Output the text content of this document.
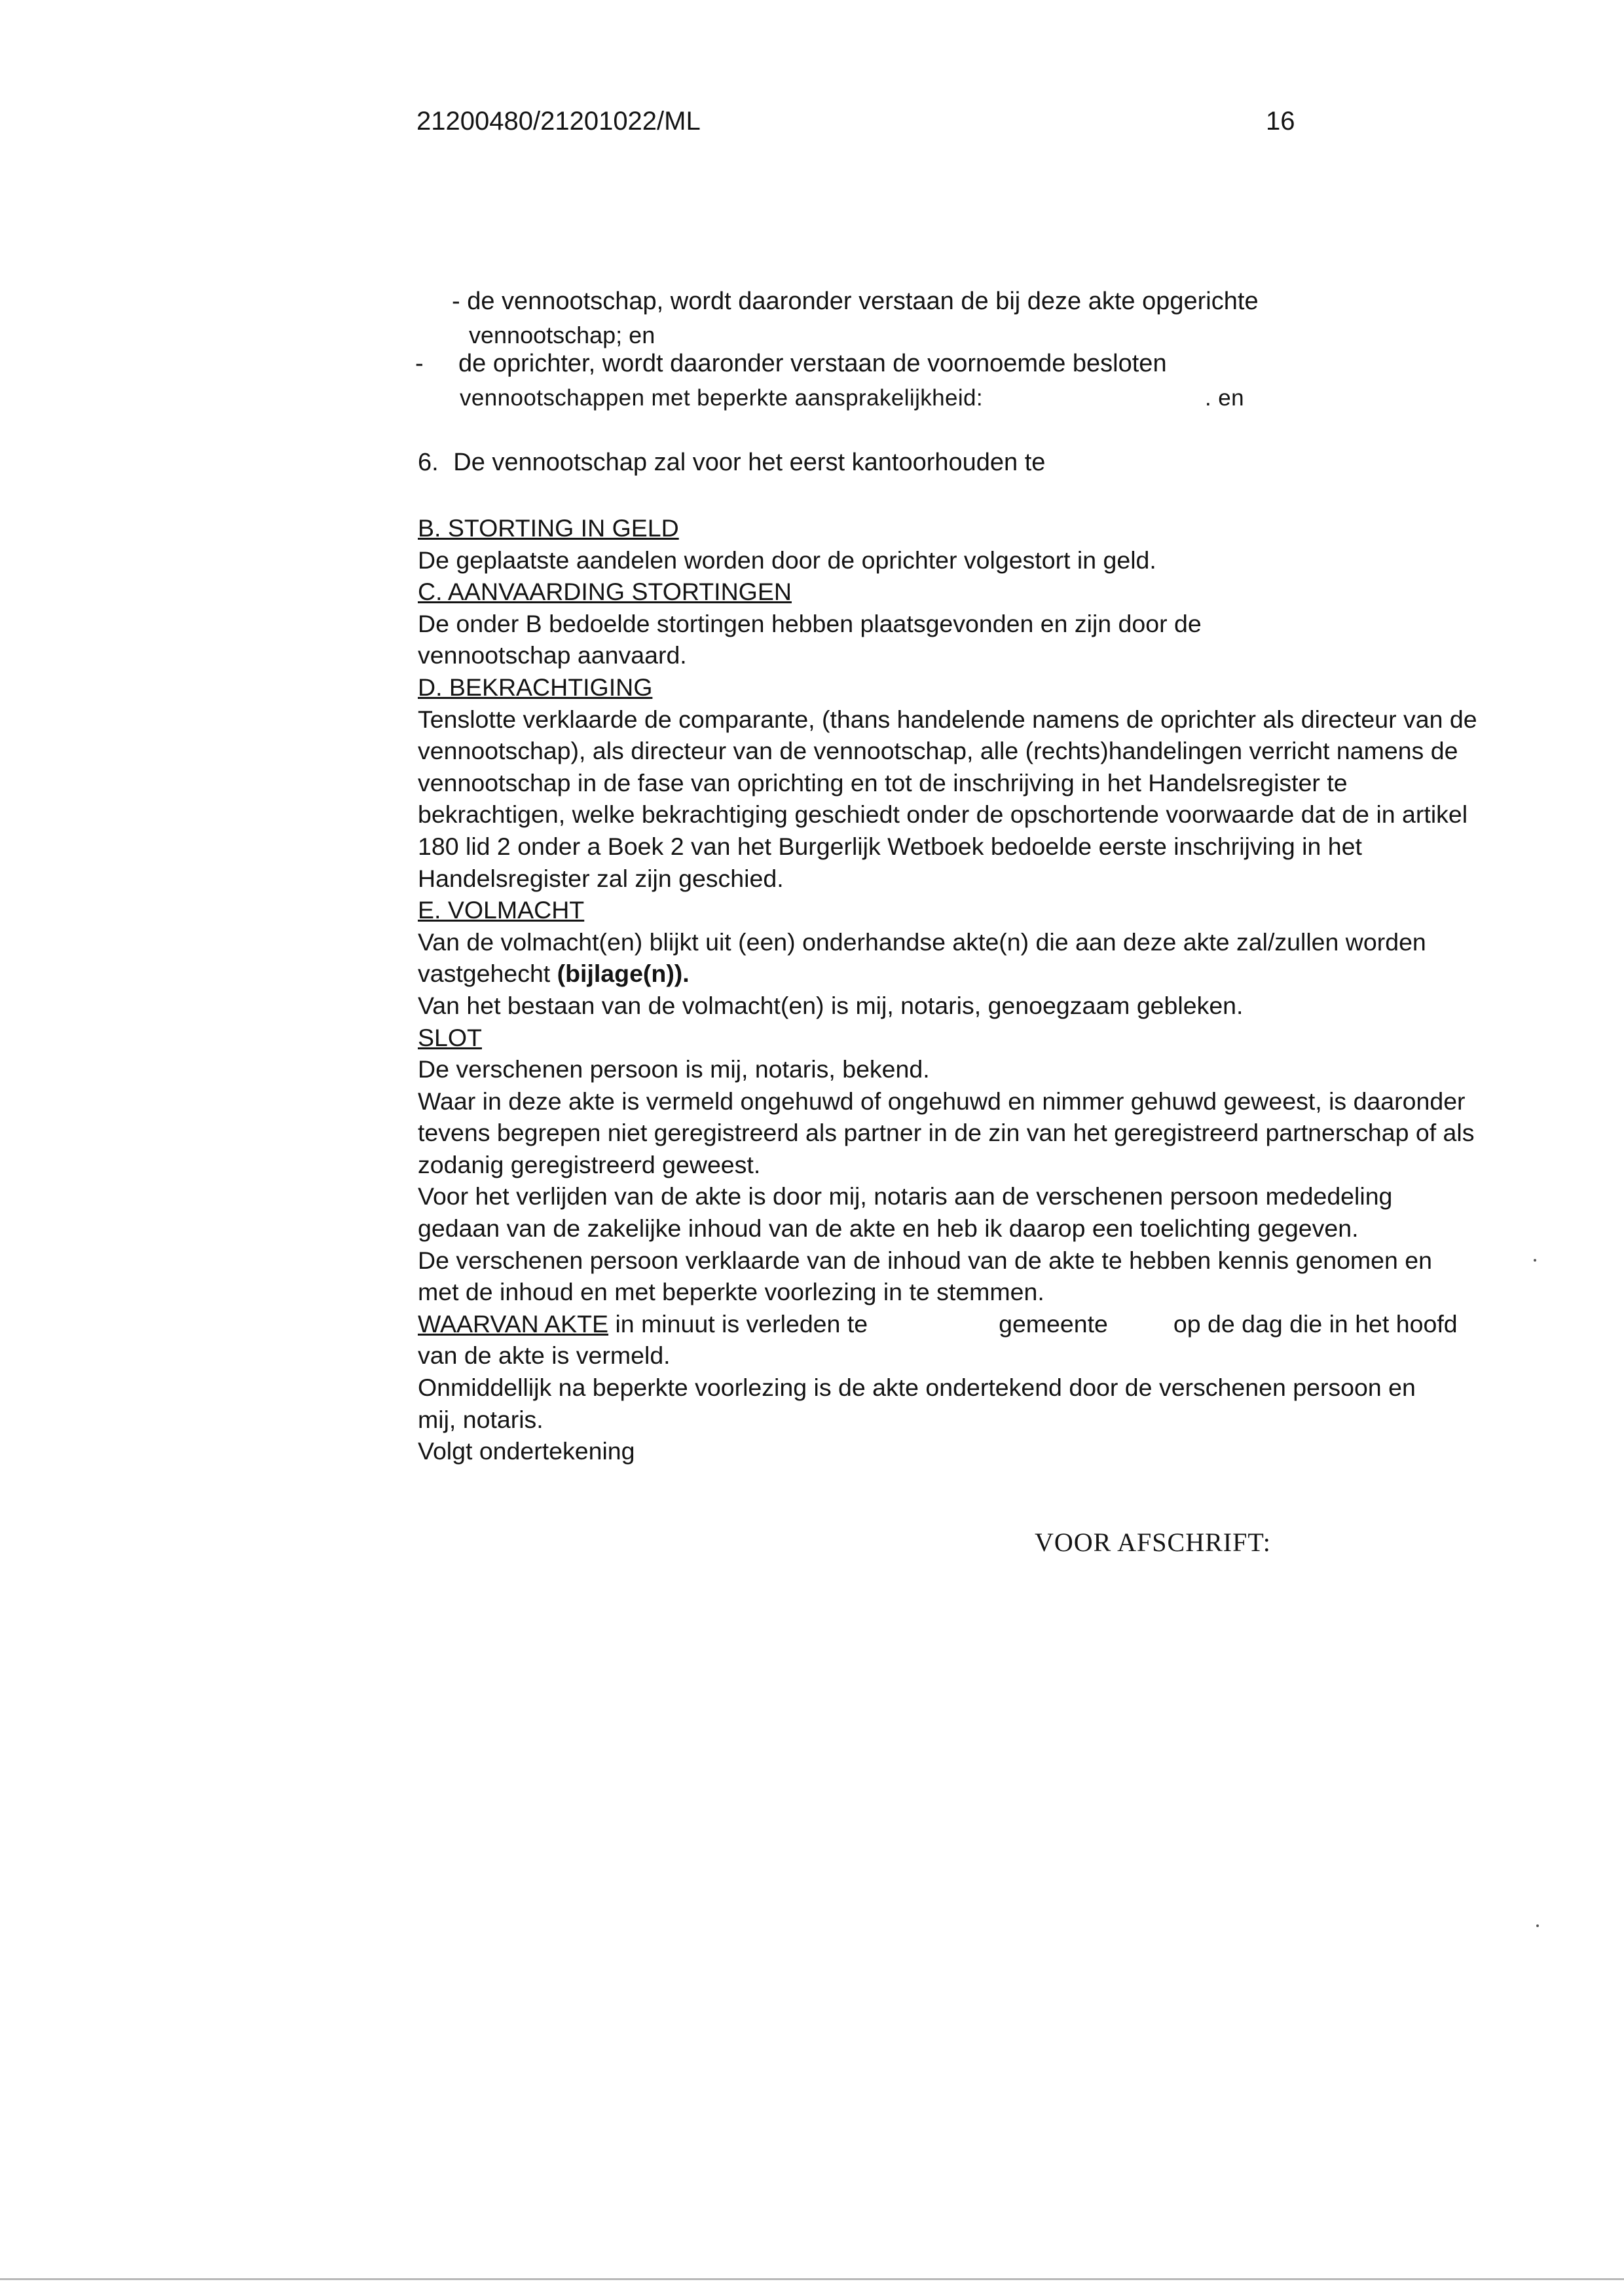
21200480/21201022/ML	16
- de vennootschap, wordt daaronder verstaan de bij deze akte opgerichte
vennootschap; en
- de oprichter, wordt daaronder verstaan de voornoemde besloten
vennootschappen met beperkte aansprakelijkheid:	. en
6. De vennootschap zal voor het eerst kantoorhouden te

B. STORTING IN GELD

De geplaatste aandelen worden door de oprichter volgestort in geld.

C. AANVAARDING STORTINGEN

De onder B bedoelde stortingen hebben plaatsgevonden en zijn door de vennootschap aanvaard.

D. BEKRACHTIGING

Tenslotte verklaarde de comparante, (thans handelende namens de oprichter als directeur van de vennootschap), als directeur van de vennootschap, alle (rechts)handelingen verricht namens de vennootschap in de fase van oprichting en tot de inschrijving in het Handelsregister te bekrachtigen, welke bekrachtiging geschiedt onder de opschortende voorwaarde dat de in artikel 180 lid 2 onder a Boek 2 van het Burgerlijk Wetboek bedoelde eerste inschrijving in het Handelsregister zal zijn geschied.

E. VOLMACHT

Van de volmacht(en) blijkt uit (een) onderhandse akte(n) die aan deze akte zal/zullen worden vastgehecht (bijlage(n)).

Van het bestaan van de volmacht(en) is mij, notaris, genoegzaam gebleken.

SLOT

De verschenen persoon is mij, notaris, bekend.

Waar in deze akte is vermeld ongehuwd of ongehuwd en nimmer gehuwd geweest, is daaronder tevens begrepen niet geregistreerd als partner in de zin van het geregistreerd partnerschap of als zodanig geregistreerd geweest.

Voor het verlijden van de akte is door mij, notaris aan de verschenen persoon mededeling gedaan van de zakelijke inhoud van de akte en heb ik daarop een toelichting gegeven.

De verschenen persoon verklaarde van de inhoud van de akte te hebben kennis genomen en met de inhoud en met beperkte voorlezing in te stemmen.

WAARVAN AKTE in minuut is verleden te	gemeente	op de dag die in het hoofd van de akte is vermeld.

Onmiddellijk na beperkte voorlezing is de akte ondertekend door de verschenen persoon en mij, notaris.

Volgt ondertekening

VOOR AFSCHRIFT:
